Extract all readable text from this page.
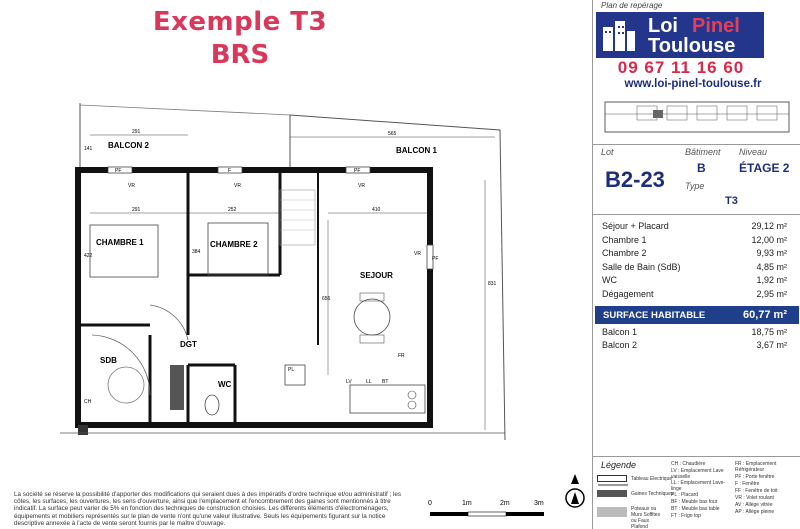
Exemple T3
BRS
BALCON 2
BALCON 1
CHAMBRE 1	CHAMBRE 2
SEJOUR
SDB
DGT
WC
291
141
565
291
422
252
384
410
656
831
PF	F	PF
VR	VR	VR
VR
PF
CH
PL
LV	LL BT
FR
La société se réserve la possibilité d'apporter des modifications qui seraient dues à des impératifs d'ordre technique et/ou administratif ; les côtes, les surfaces, les ouvertures, les sens d'ouverture, ainsi que l'emplacement et l'encombrement des gaines sont mentionnés à titre indicatif. La surface peut varier de 5% en fonction des techniques de construction choisies. Les différents éléments d'électroménagers, équipements et mobiliers représentés sur le plan de vente n'ont qu'une valeur illustrative. Seuls les équipements figurant sur la notice descriptive annexée à l'acte de vente seront fournis par le maître d'ouvrage.
0	1m	2m	3m
Plan de repérage
Loi Pinel
Toulouse
09 67 11 16 60
www.loi-pinel-toulouse.fr
Lot
B2-23
Bâtiment
B
Niveau
ÉTAGE 2
Type
T3
Séjour + Placard	29,12 m²
Chambre 1	12,00 m²
Chambre 2	9,93 m²
Salle de Bain (SdB)	4,85 m²
WC	1,92 m²
Dégagement	2,95 m²
SURFACE HABITABLE	60,77 m²
Balcon 1	18,75 m²
Balcon 2	3,67 m²
Légende
Tableau Electrique
Gaines Techniques
Poteaux ou Murs Soffites ou Faux Plafond
CH : Chaudière
LV : Emplacement Lave vaisselle
LL : Emplacement Lave-linge
PL : Placard
BF : Meuble bas four
BT : Meuble bas table
FT : Frigo top
FR : Emplacement Réfrigérateur
PF : Porte fenêtre
F : Fenêtre
FF : Fenêtre de toit
VR : Volet roulant
AV : Allège vitrée
AP : Allège pleine
